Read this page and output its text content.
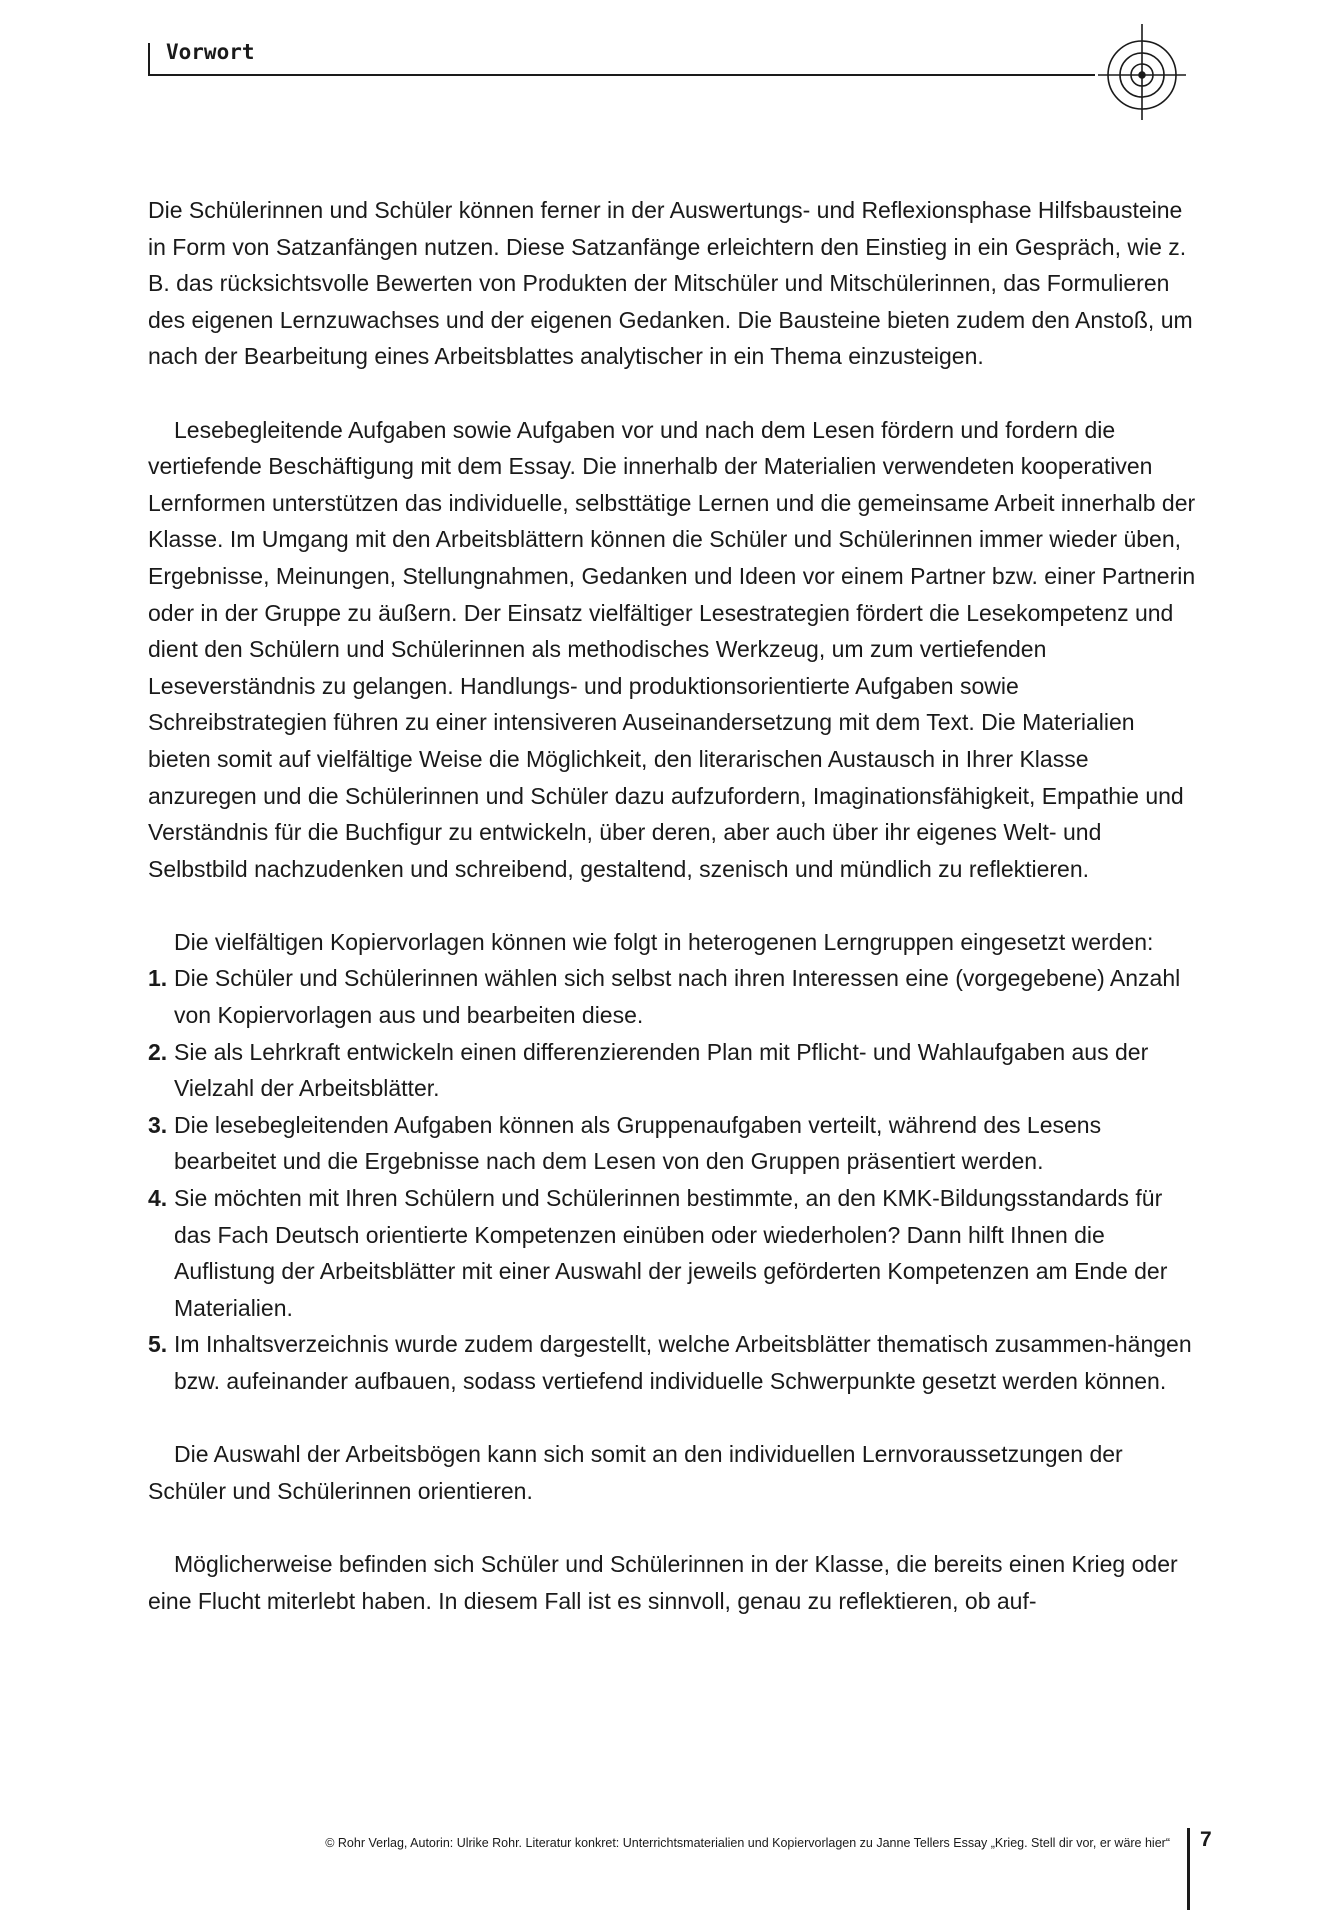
Vorwort

Die Schülerinnen und Schüler können ferner in der Auswertungs- und Reflexionsphase Hilfsbausteine in Form von Satzanfängen nutzen. Diese Satzanfänge erleichtern den Einstieg in ein Gespräch, wie z. B. das rücksichtsvolle Bewerten von Produkten der Mitschüler und Mitschülerinnen, das Formulieren des eigenen Lernzuwachses und der eigenen Gedanken. Die Bausteine bieten zudem den Anstoß, um nach der Bearbeitung eines Arbeitsblattes analytischer in ein Thema einzusteigen.

Lesebegleitende Aufgaben sowie Aufgaben vor und nach dem Lesen fördern und fordern die vertiefende Beschäftigung mit dem Essay. Die innerhalb der Materialien verwendeten kooperativen Lernformen unterstützen das individuelle, selbsttätige Lernen und die gemeinsame Arbeit innerhalb der Klasse. Im Umgang mit den Arbeitsblättern können die Schüler und Schülerinnen immer wieder üben, Ergebnisse, Meinungen, Stellungnahmen, Gedanken und Ideen vor einem Partner bzw. einer Partnerin oder in der Gruppe zu äußern. Der Einsatz vielfältiger Lesestrategien fördert die Lesekompetenz und dient den Schülern und Schülerinnen als methodisches Werkzeug, um zum vertiefenden Leseverständnis zu gelangen. Handlungs- und produktionsorientierte Aufgaben sowie Schreibstrategien führen zu einer intensiveren Auseinandersetzung mit dem Text. Die Materialien bieten somit auf vielfältige Weise die Möglichkeit, den literarischen Austausch in Ihrer Klasse anzuregen und die Schülerinnen und Schüler dazu aufzufordern, Imaginationsfähigkeit, Empathie und Verständnis für die Buchfigur zu entwickeln, über deren, aber auch über ihr eigenes Welt- und Selbstbild nachzudenken und schreibend, gestaltend, szenisch und mündlich zu reflektieren.

Die vielfältigen Kopiervorlagen können wie folgt in heterogenen Lerngruppen eingesetzt werden:

1. Die Schüler und Schülerinnen wählen sich selbst nach ihren Interessen eine (vorgegebene) Anzahl von Kopiervorlagen aus und bearbeiten diese.
2. Sie als Lehrkraft entwickeln einen differenzierenden Plan mit Pflicht- und Wahlaufgaben aus der Vielzahl der Arbeitsblätter.
3. Die lesebegleitenden Aufgaben können als Gruppenaufgaben verteilt, während des Lesens bearbeitet und die Ergebnisse nach dem Lesen von den Gruppen präsentiert werden.
4. Sie möchten mit Ihren Schülern und Schülerinnen bestimmte, an den KMK-Bildungsstandards für das Fach Deutsch orientierte Kompetenzen einüben oder wiederholen? Dann hilft Ihnen die Auflistung der Arbeitsblätter mit einer Auswahl der jeweils geförderten Kompetenzen am Ende der Materialien.
5. Im Inhaltsverzeichnis wurde zudem dargestellt, welche Arbeitsblätter thematisch zusammen-hängen bzw. aufeinander aufbauen, sodass vertiefend individuelle Schwerpunkte gesetzt werden können.

Die Auswahl der Arbeitsbögen kann sich somit an den individuellen Lernvoraussetzungen der Schüler und Schülerinnen orientieren.

Möglicherweise befinden sich Schüler und Schülerinnen in der Klasse, die bereits einen Krieg oder eine Flucht miterlebt haben. In diesem Fall ist es sinnvoll, genau zu reflektieren, ob auf-

© Rohr Verlag, Autorin: Ulrike Rohr. Literatur konkret: Unterrichtsmaterialien und Kopiervorlagen zu Janne Tellers Essay „Krieg. Stell dir vor, er wäre hier“ 7
